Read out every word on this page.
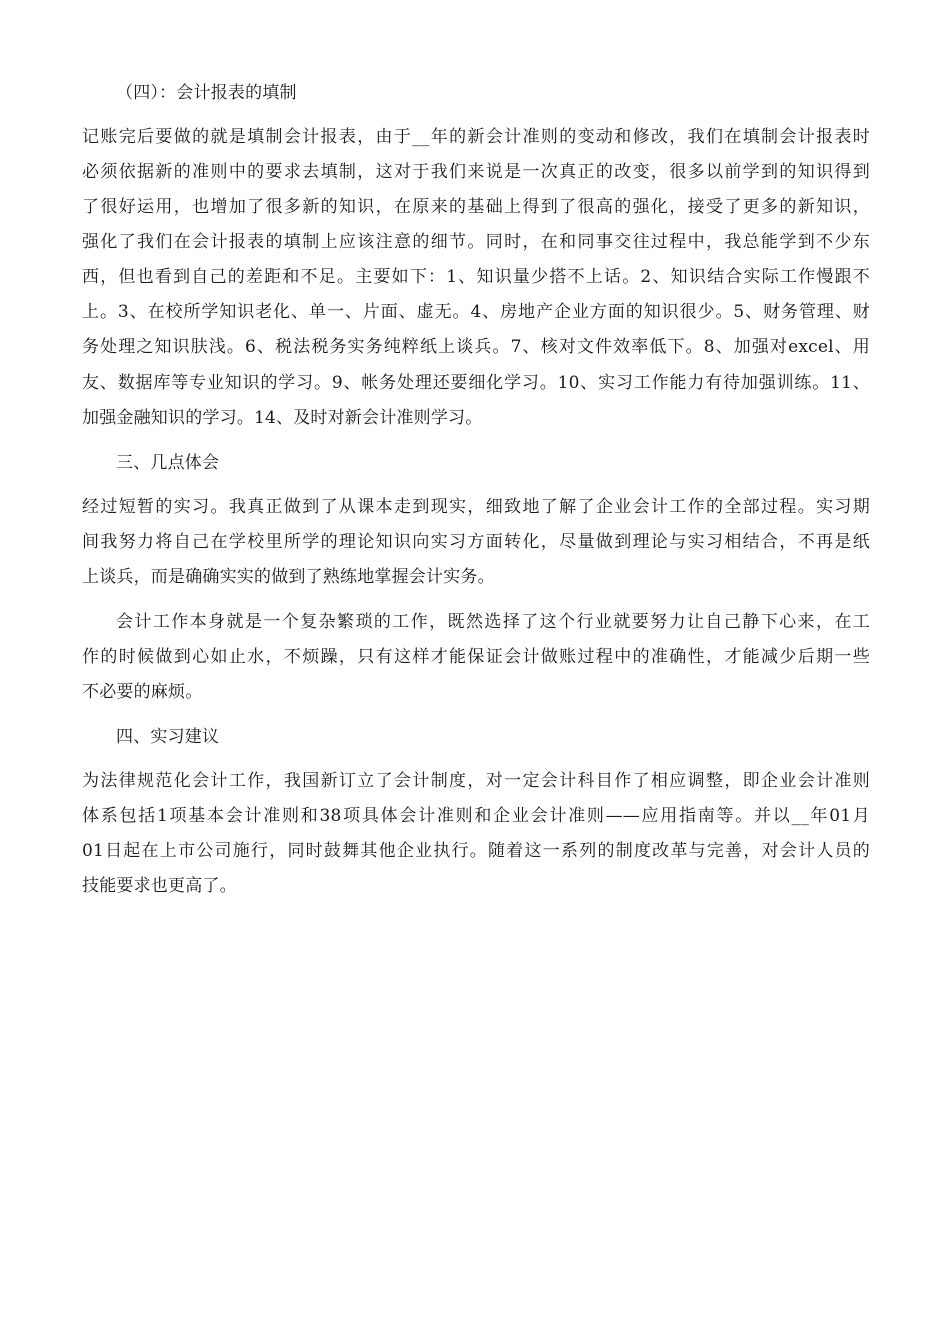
（四）：会计报表的填制
记账完后要做的就是填制会计报表，由于__年的新会计准则的变动和修改，我们在填制会计报表时
必须依据新的准则中的要求去填制，这对于我们来说是一次真正的改变，很多以前学到的知识得到
了很好运用，也增加了很多新的知识，在原来的基础上得到了很高的强化，接受了更多的新知识，
强化了我们在会计报表的填制上应该注意的细节。同时，在和同事交往过程中，我总能学到不少东
西，但也看到自己的差距和不足。主要如下：1、知识量少搭不上话。2、知识结合实际工作慢跟不
上。3、在校所学知识老化、单一、片面、虚无。4、房地产企业方面的知识很少。5、财务管理、财
务处理之知识肤浅。6、税法税务实务纯粹纸上谈兵。7、核对文件效率低下。8、加强对excel、用
友、数据库等专业知识的学习。9、帐务处理还要细化学习。10、实习工作能力有待加强训练。11、
加强金融知识的学习。14、及时对新会计准则学习。
三、几点体会
经过短暂的实习。我真正做到了从课本走到现实，细致地了解了企业会计工作的全部过程。实习期
间我努力将自己在学校里所学的理论知识向实习方面转化，尽量做到理论与实习相结合，不再是纸
上谈兵，而是确确实实的做到了熟练地掌握会计实务。
会计工作本身就是一个复杂繁琐的工作，既然选择了这个行业就要努力让自己静下心来，在工
作的时候做到心如止水，不烦躁，只有这样才能保证会计做账过程中的准确性，才能减少后期一些
不必要的麻烦。
四、实习建议
为法律规范化会计工作，我国新订立了会计制度，对一定会计科目作了相应调整，即企业会计准则
体系包括1项基本会计准则和38项具体会计准则和企业会计准则——应用指南等。并以__年01月
01日起在上市公司施行，同时鼓舞其他企业执行。随着这一系列的制度改革与完善，对会计人员的
技能要求也更高了。
